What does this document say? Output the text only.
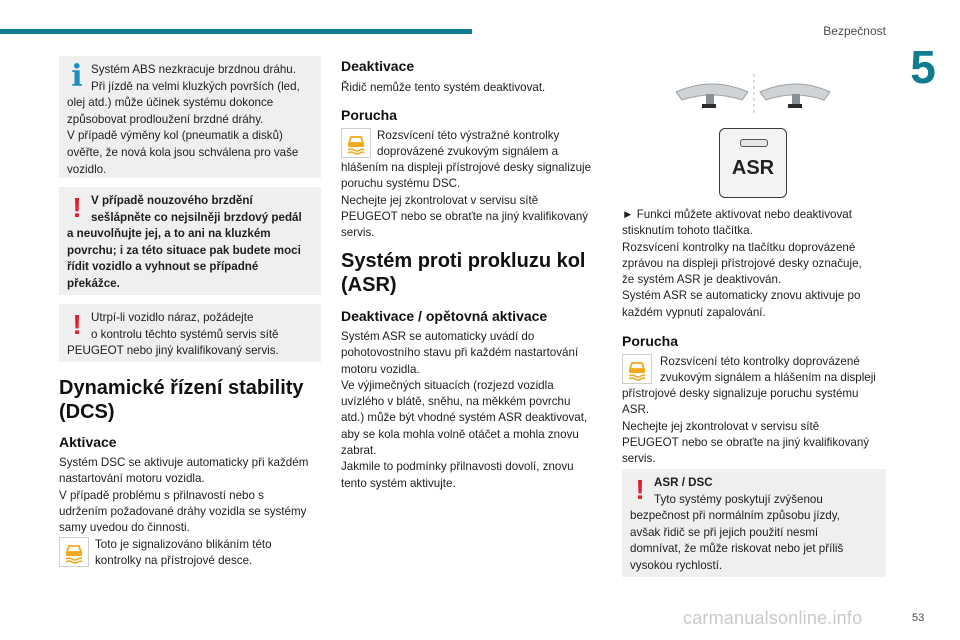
Bezpečnost
5
i Systém ABS nezkracuje brzdnou dráhu.
Při jízdě na velmi kluzkých površích (led,
olej atd.) může účinek systému dokonce
způsobovat prodloužení brzdné dráhy.
V případě výměny kol (pneumatik a disků)
ověřte, že nová kola jsou schválena pro vaše
vozidlo.
! V případě nouzového brzdění
sešlápněte co nejsilněji brzdový pedál
a neuvolňujte jej, a to ani na kluzkém
povrchu; i za této situace pak budete moci
řídit vozidlo a vyhnout se případné
překážce.
! Utrpí-li vozidlo náraz, požádejte
o kontrolu těchto systémů servis sítě
PEUGEOT nebo jiný kvalifikovaný servis.
Dynamické řízení stability
(DCS)
Aktivace
Systém DSC se aktivuje automaticky při každém
nastartování motoru vozidla.
V případě problému s přilnavostí nebo s
udržením požadované dráhy vozidla se systémy
samy uvedou do činnosti.
Toto je signalizováno blikáním této
kontrolky na přístrojové desce.
Deaktivace
Řidič nemůže tento systém deaktivovat.
Porucha
Rozsvícení této výstražné kontrolky
doprovázené zvukovým signálem a
hlášením na displeji přístrojové desky signalizuje
poruchu systému DSC.
Nechejte jej zkontrolovat v servisu sítě
PEUGEOT nebo se obraťte na jiný kvalifikovaný
servis.
Systém proti prokluzu kol
(ASR)
Deaktivace / opětovná aktivace
Systém ASR se automaticky uvádí do
pohotovostního stavu při každém nastartování
motoru vozidla.
Ve výjimečných situacích (rozjezd vozidla
uvízlého v blátě, sněhu, na měkkém povrchu
atd.) může být vhodné systém ASR deaktivovat,
aby se kola mohla volně otáčet a mohla znovu
zabrat.
Jakmile to podmínky přilnavosti dovolí, znovu
tento systém aktivujte.
ASR
► Funkci můžete aktivovat nebo deaktivovat
stisknutím tohoto tlačítka.
Rozsvícení kontrolky na tlačítku doprovázené
zprávou na displeji přístrojové desky označuje,
že systém ASR je deaktivován.
Systém ASR se automaticky znovu aktivuje po
každém vypnutí zapalování.
Porucha
Rozsvícení této kontrolky doprovázené
zvukovým signálem a hlášením na displeji
přístrojové desky signalizuje poruchu systému
ASR.
Nechejte jej zkontrolovat v servisu sítě
PEUGEOT nebo se obraťte na jiný kvalifikovaný
servis.
! ASR / DSC
Tyto systémy poskytují zvýšenou
bezpečnost při normálním způsobu jízdy,
avšak řidič se při jejich použití nesmí
domnívat, že může riskovat nebo jet příliš
vysokou rychlostí.
carmanualsonline.info	53
